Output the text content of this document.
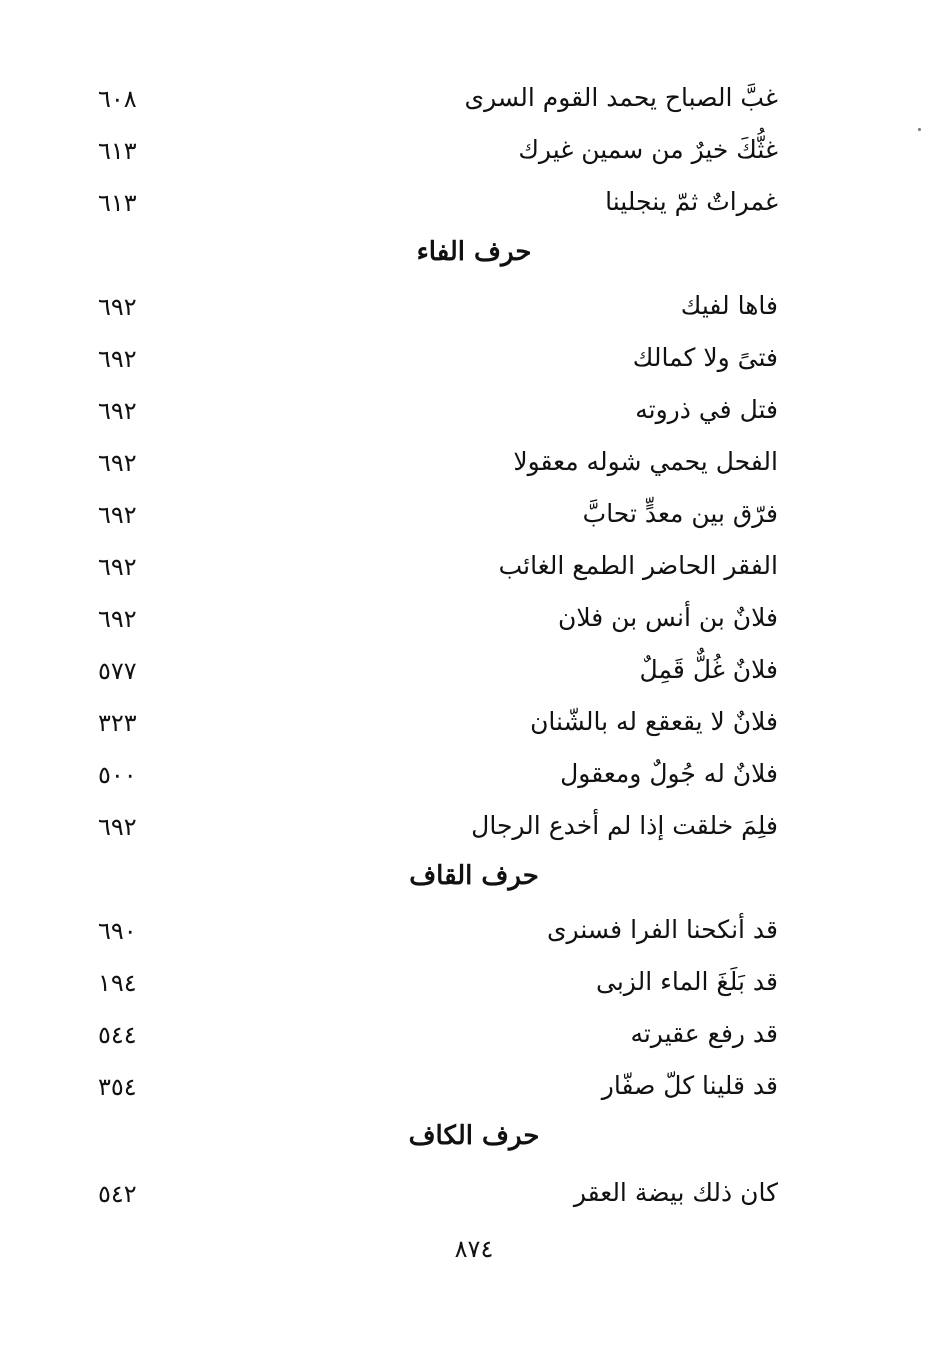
غبَّ الصباح يحمد القوم السرى
٦٠٨
غثُّكَ خيرٌ من سمين غيرك
٦١٣
غمراتٌ ثمّ ينجلينا
٦١٣
حرف الفاء
فاها لفيك
٦٩٢
فتىً ولا كمالك
٦٩٢
فتل في ذروته
٦٩٢
الفحل يحمي شوله معقولا
٦٩٢
فرّق بين معدٍّ تحابَّ
٦٩٢
الفقر الحاضر الطمع الغائب
٦٩٢
فلانٌ بن أنس بن فلان
٦٩٢
فلانٌ غُلٌّ قَمِلٌ
٥٧٧
فلانٌ لا يقعقع له بالشّنان
٣٢٣
فلانٌ له جُولٌ ومعقول
٥٠٠
فلِمَ خلقت إذا لم أخدع الرجال
٦٩٢
حرف القاف
قد أنكحنا الفرا فسنرى
٦٩٠
قد بَلَغَ الماء الزبى
١٩٤
قد رفع عقيرته
٥٤٤
قد قلينا كلّ صفّار
٣٥٤
حرف الكاف
كان ذلك بيضة العقر
٥٤٢
٨٧٤
